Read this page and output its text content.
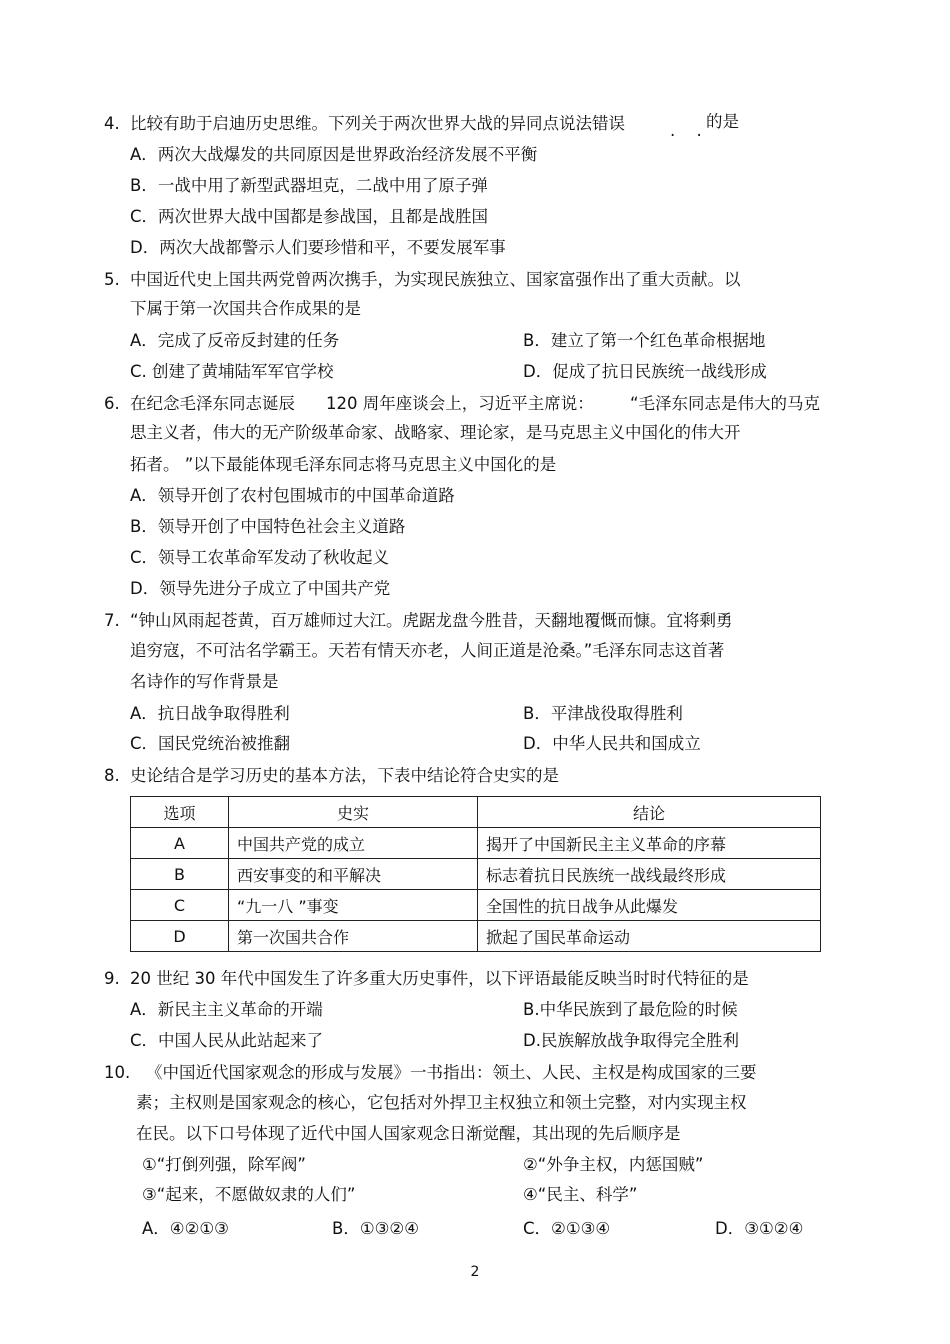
4. 比较有助于启迪历史思维。下列关于两次世界大战的异同点说法错误	. .
的是
A．两次大战爆发的共同原因是世界政治经济发展不平衡
B．一战中用了新型武器坦克，二战中用了原子弹
C．两次世界大战中国都是参战国，且都是战胜国
D．两次大战都警示人们要珍惜和平，不要发展军事
5. 中国近代史上国共两党曾两次携手，为实现民族独立、国家富强作出了重大贡献。以
下属于第一次国共合作成果的是
A．完成了反帝反封建的任务	B．建立了第一个红色革命根据地
C. 创建了黄埔陆军军官学校	D．促成了抗日民族统一战线形成
6. 在纪念毛泽东同志诞辰 120 周年座谈会上，习近平主席说： “毛泽东同志是伟大的马克
思主义者，伟大的无产阶级革命家、战略家、理论家，是马克思主义中国化的伟大开
拓者。 ”以下最能体现毛泽东同志将马克思主义中国化的是
A．领导开创了农村包围城市的中国革命道路
B．领导开创了中国特色社会主义道路
C．领导工农革命军发动了秋收起义
D．领导先进分子成立了中国共产党
7. “钟山风雨起苍黄，百万雄师过大江。虎踞龙盘今胜昔，天翻地覆慨而慷。宜将剩勇
追穷寇，不可沽名学霸王。天若有情天亦老，人间正道是沧桑。”毛泽东同志这首著
名诗作的写作背景是
A．抗日战争取得胜利	B．平津战役取得胜利
C．国民党统治被推翻	D．中华人民共和国成立
8. 史论结合是学习历史的基本方法，下表中结论符合史实的是
选项	史实	结论
A	中国共产党的成立	揭开了中国新民主主义革命的序幕
B	西安事变的和平解决	标志着抗日民族统一战线最终形成
C	“九一八 ”事变	全国性的抗日战争从此爆发
D	第一次国共合作	掀起了国民革命运动
9. 20 世纪 30 年代中国发生了许多重大历史事件，以下评语最能反映当时时代特征的是
A．新民主主义革命的开端	B.中华民族到了最危险的时候
C．中国人民从此站起来了	D.民族解放战争取得完全胜利
10. 《中国近代国家观念的形成与发展》一书指出：领土、人民、主权是构成国家的三要
素；主权则是国家观念的核心，它包括对外捍卫主权独立和领土完整，对内实现主权
在民。以下口号体现了近代中国人国家观念日渐觉醒，其出现的先后顺序是
①“打倒列强，除军阀”	②“外争主权，内惩国贼”
③“起来，不愿做奴隶的人们”	④“民主、科学”
A．④②①③	B．①③②④	C．②①③④	D．③①②④
2
